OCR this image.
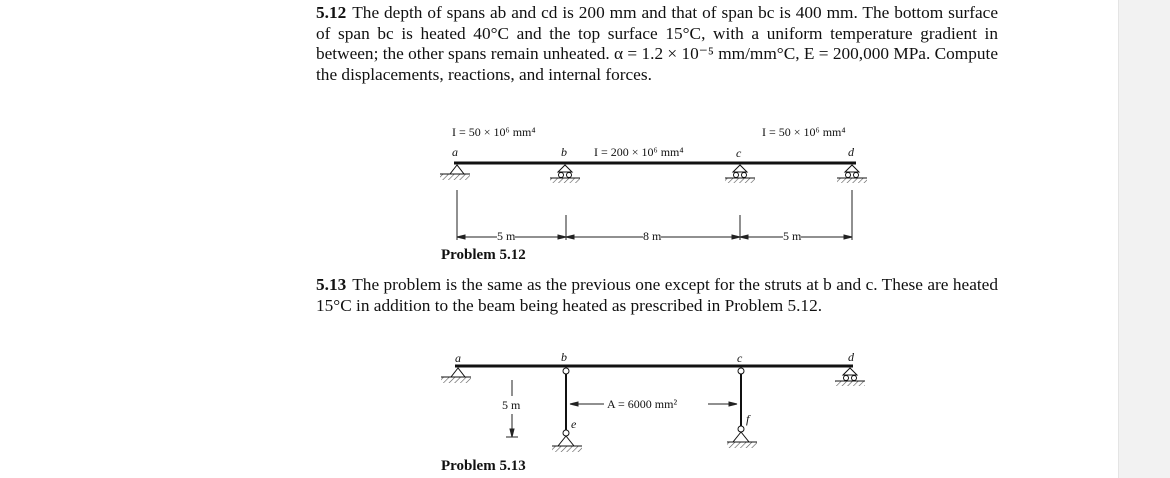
5.12 The depth of spans ab and cd is 200 mm and that of span bc is 400 mm. The bottom surface of span bc is heated 40°C and the top surface 15°C, with a uniform temperature gradient in between; the other spans remain unheated. α = 1.2 × 10⁻⁵ mm/mm°C, E = 200,000 MPa. Compute the displacements, reactions, and internal forces.

I = 50 × 10⁶ mm⁴
I = 200 × 10⁶ mm⁴
I = 50 × 10⁶ mm⁴
a	b	c	d
5 m	8 m	5 m
Problem 5.12

5.13 The problem is the same as the previous one except for the struts at b and c. These are heated 15°C in addition to the beam being heated as prescribed in Problem 5.12.

a	b	c	d
e	f
5 m	A = 6000 mm²
Problem 5.13
